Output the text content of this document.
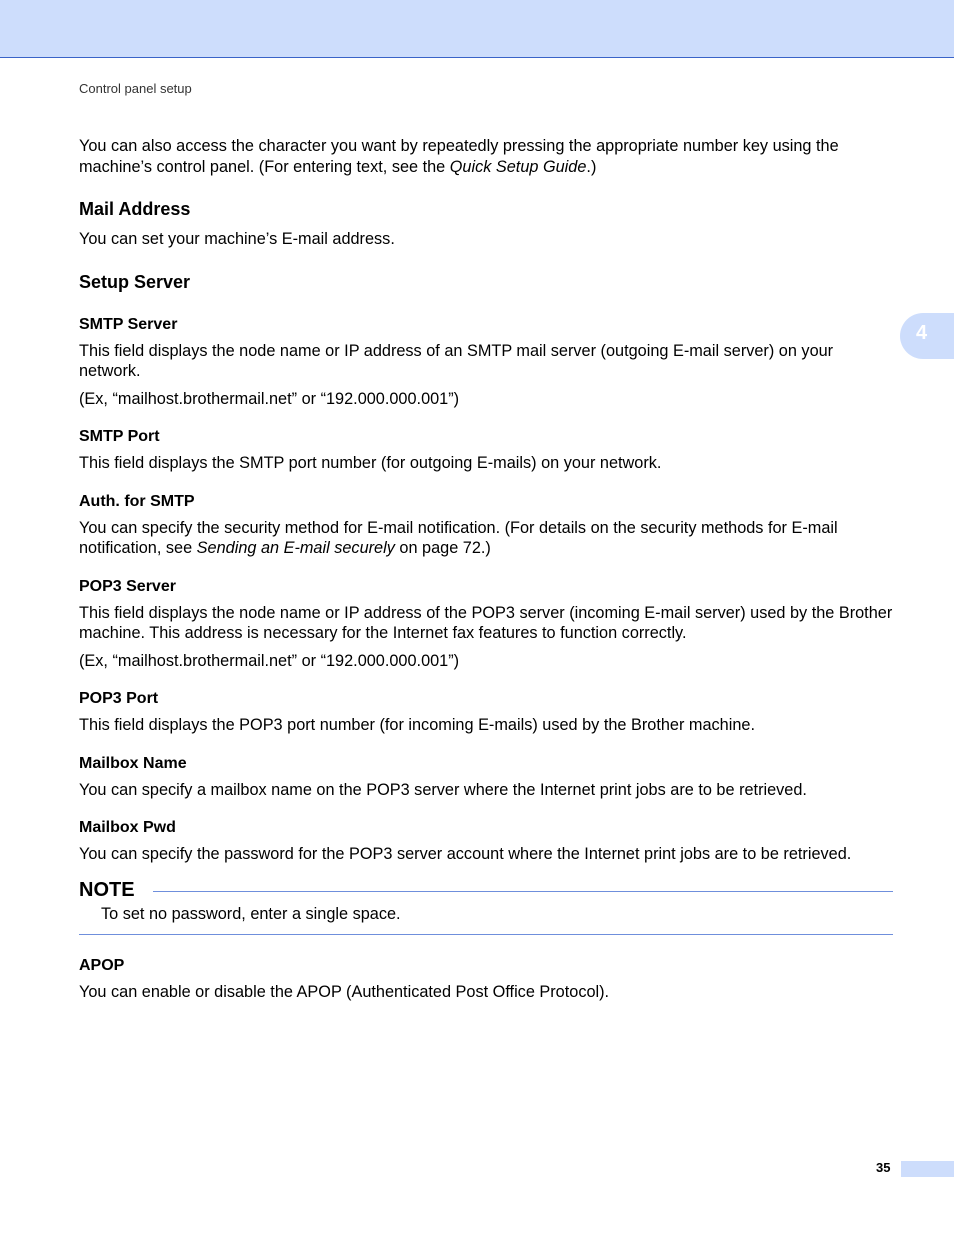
Control panel setup
4

You can also access the character you want by repeatedly pressing the appropriate number key using the machine’s control panel. (For entering text, see the Quick Setup Guide.)

Mail Address

You can set your machine’s E-mail address.

Setup Server
SMTP Server

This field displays the node name or IP address of an SMTP mail server (outgoing E-mail server) on your network.

(Ex, “mailhost.brothermail.net” or “192.000.000.001”)

SMTP Port

This field displays the SMTP port number (for outgoing E-mails) on your network.

Auth. for SMTP

You can specify the security method for E-mail notification. (For details on the security methods for E-mail notification, see Sending an E-mail securely on page 72.)

POP3 Server

This field displays the node name or IP address of the POP3 server (incoming E-mail server) used by the Brother machine. This address is necessary for the Internet fax features to function correctly.

(Ex, “mailhost.brothermail.net” or “192.000.000.001”)

POP3 Port

This field displays the POP3 port number (for incoming E-mails) used by the Brother machine.

Mailbox Name

You can specify a mailbox name on the POP3 server where the Internet print jobs are to be retrieved.

Mailbox Pwd

You can specify the password for the POP3 server account where the Internet print jobs are to be retrieved.

NOTE

To set no password, enter a single space.

APOP

You can enable or disable the APOP (Authenticated Post Office Protocol).

35
